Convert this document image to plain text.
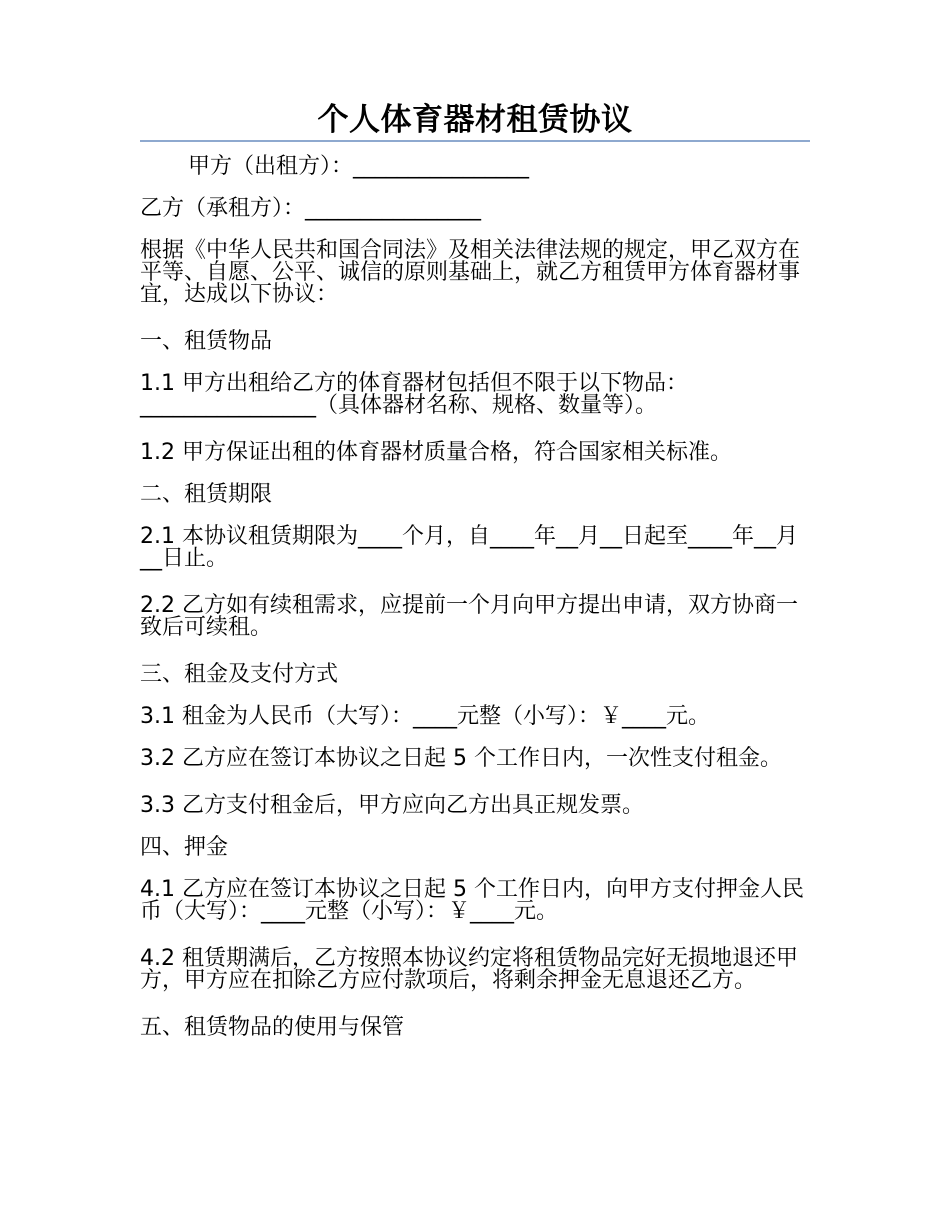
个人体育器材租赁协议

甲方（出租方）：________________

乙方（承租方）：________________

根据《中华人民共和国合同法》及相关法律法规的规定，甲乙双方在平等、自愿、公平、诚信的原则基础上，就乙方租赁甲方体育器材事宜，达成以下协议：

一、租赁物品

1.1 甲方出租给乙方的体育器材包括但不限于以下物品：________________（具体器材名称、规格、数量等）。

1.2 甲方保证出租的体育器材质量合格，符合国家相关标准。

二、租赁期限

2.1 本协议租赁期限为____个月，自____年__月__日起至____年__月__日止。

2.2 乙方如有续租需求，应提前一个月向甲方提出申请，双方协商一致后可续租。

三、租金及支付方式

3.1 租金为人民币（大写）：____元整（小写）：￥____元。

3.2 乙方应在签订本协议之日起 5 个工作日内，一次性支付租金。

3.3 乙方支付租金后，甲方应向乙方出具正规发票。

四、押金

4.1 乙方应在签订本协议之日起 5 个工作日内，向甲方支付押金人民币（大写）：____元整（小写）：￥____元。

4.2 租赁期满后，乙方按照本协议约定将租赁物品完好无损地退还甲方，甲方应在扣除乙方应付款项后，将剩余押金无息退还乙方。

五、租赁物品的使用与保管
